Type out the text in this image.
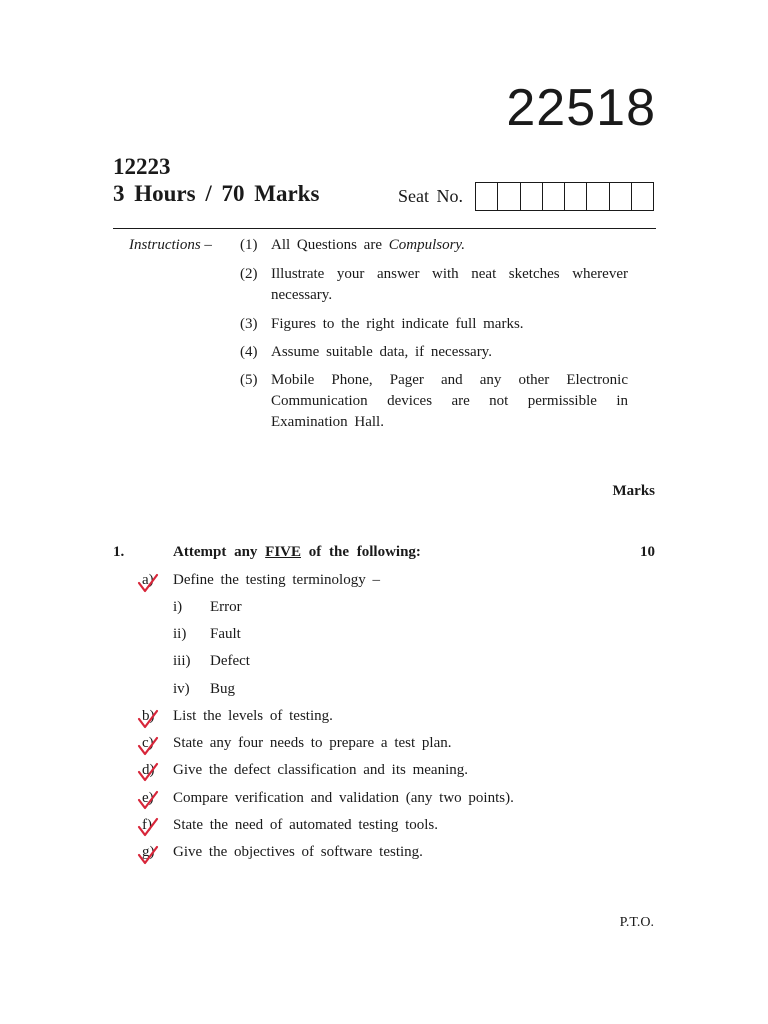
22518
12223
3 Hours / 70 Marks	Seat No.
Instructions – (1) All Questions are Compulsory.
(2) Illustrate your answer with neat sketches wherever necessary.
(3) Figures to the right indicate full marks.
(4) Assume suitable data, if necessary.
(5) Mobile Phone, Pager and any other Electronic Communication devices are not permissible in Examination Hall.
Marks
1.	Attempt any FIVE of the following:	10
a)	Define the testing terminology –
i) Error
ii) Fault
iii) Defect
iv) Bug
b)	List the levels of testing.
c)	State any four needs to prepare a test plan.
d)	Give the defect classification and its meaning.
e)	Compare verification and validation (any two points).
f)	State the need of automated testing tools.
g)	Give the objectives of software testing.
P.T.O.
